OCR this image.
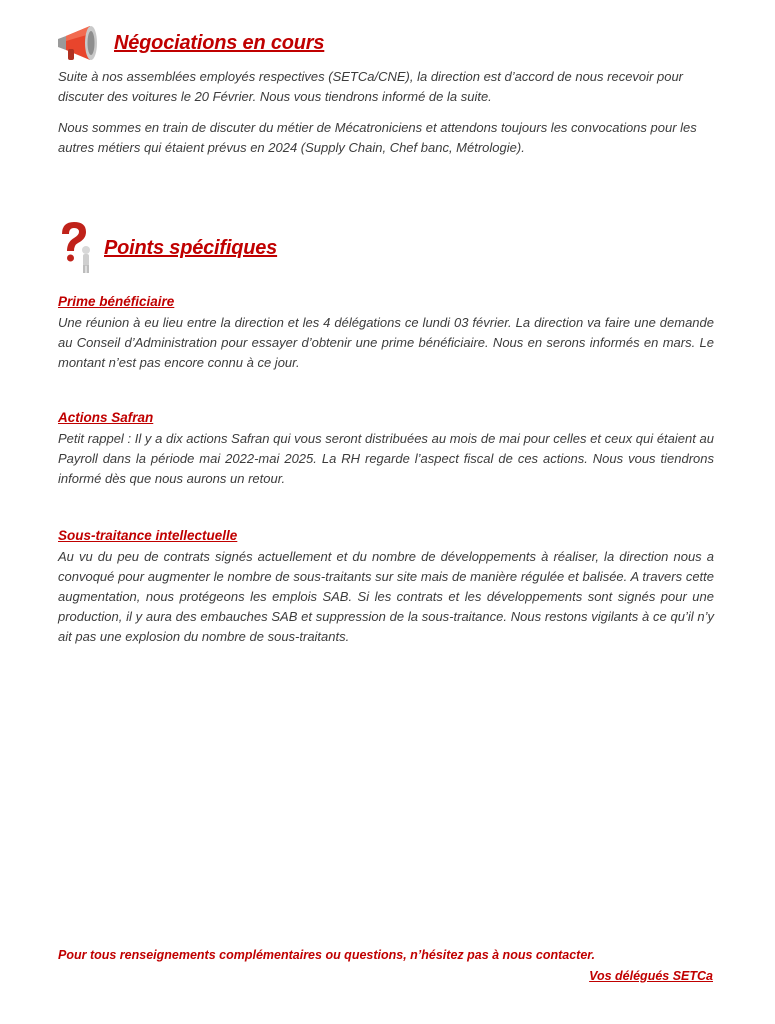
Négociations en cours

Suite à nos assemblées employés respectives (SETCa/CNE), la direction est d’accord de nous recevoir pour discuter des voitures le 20 Février. Nous vous tiendrons informé de la suite.

Nous sommes en train de discuter du métier de Mécatroniciens et attendons toujours les convocations pour les autres métiers qui étaient prévus en 2024 (Supply Chain, Chef banc, Métrologie).

Points spécifiques
Prime bénéficiaire

Une réunion à eu lieu entre la direction et les 4 délégations ce lundi 03 février. La direction va faire une demande au Conseil d’Administration pour essayer d’obtenir une prime bénéficiaire. Nous en serons informés en mars. Le montant n’est pas encore connu à ce jour.

Actions Safran

Petit rappel : Il y a dix actions Safran qui vous seront distribuées au mois de mai pour celles et ceux qui étaient au Payroll dans la période mai 2022-mai 2025. La RH regarde l’aspect fiscal de ces actions. Nous vous tiendrons informé dès que nous aurons un retour.

Sous-traitance intellectuelle

Au vu du peu de contrats signés actuellement et du nombre de développements à réaliser, la direction nous a convoqué pour augmenter le nombre de sous-traitants sur site mais de manière régulée et balisée. A travers cette augmentation, nous protégeons les emplois SAB. Si les contrats et les développements sont signés pour une production, il y aura des embauches SAB et suppression de la sous-traitance. Nous restons vigilants à ce qu’il n’y ait pas une explosion du nombre de sous-traitants.

Pour tous renseignements complémentaires ou questions, n’hésitez pas à nous contacter.
Vos délégués SETCa
